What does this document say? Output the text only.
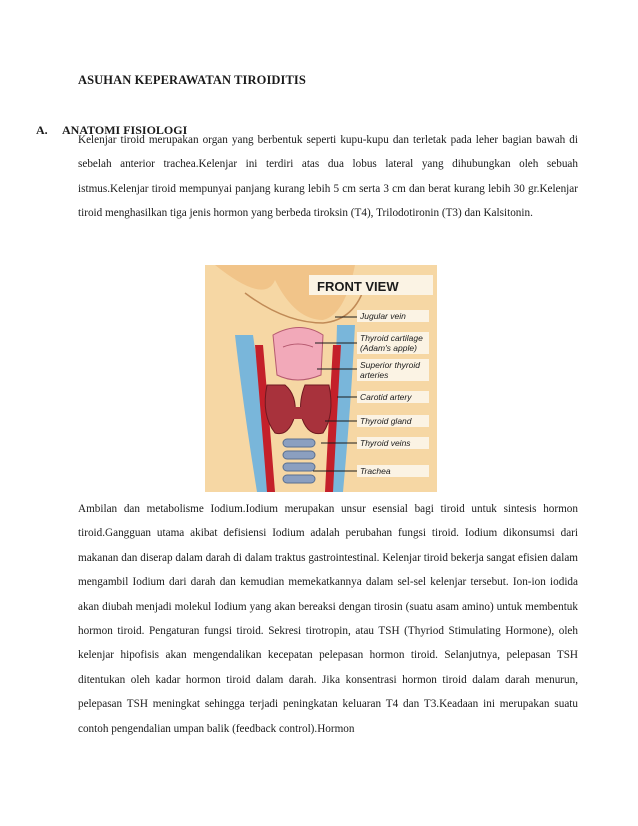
ASUHAN KEPERAWATAN TIROIDITIS
A. ANATOMI FISIOLOGI

Kelenjar tiroid merupakan organ yang berbentuk seperti kupu-kupu dan terletak pada leher bagian bawah di sebelah anterior trachea.Kelenjar ini terdiri atas dua lobus lateral yang dihubungkan oleh sebuah istmus.Kelenjar tiroid mempunyai panjang kurang lebih 5 cm serta 3 cm dan berat kurang lebih 30 gr.Kelenjar tiroid menghasilkan tiga jenis hormon yang berbeda tiroksin (T4), Trilodotironin (T3) dan Kalsitonin.

FRONT VIEW
Jugular vein
Thyroid cartilage
(Adam's apple)
Superior thyroid
arteries
Carotid artery
Thyroid gland
Thyroid veins
Trachea

Ambilan dan metabolisme Iodium.Iodium merupakan unsur esensial bagi tiroid untuk sintesis hormon tiroid.Gangguan utama akibat defisiensi Iodium adalah perubahan fungsi tiroid. Iodium dikonsumsi dari makanan dan diserap dalam darah di dalam traktus gastrointestinal. Kelenjar tiroid bekerja sangat efisien dalam mengambil Iodium dari darah dan kemudian memekatkannya dalam sel-sel kelenjar tersebut. Ion-ion iodida akan diubah menjadi molekul Iodium yang akan bereaksi dengan tirosin (suatu asam amino) untuk membentuk hormon tiroid. Pengaturan fungsi tiroid. Sekresi tirotropin, atau TSH (Thyriod Stimulating Hormone), oleh kelenjar hipofisis akan mengendalikan kecepatan pelepasan hormon tiroid. Selanjutnya, pelepasan TSH ditentukan oleh kadar hormon tiroid dalam darah. Jika konsentrasi hormon tiroid dalam darah menurun, pelepasan TSH meningkat sehingga terjadi peningkatan keluaran T4 dan T3.Keadaan ini merupakan suatu contoh pengendalian umpan balik (feedback control).Hormon
